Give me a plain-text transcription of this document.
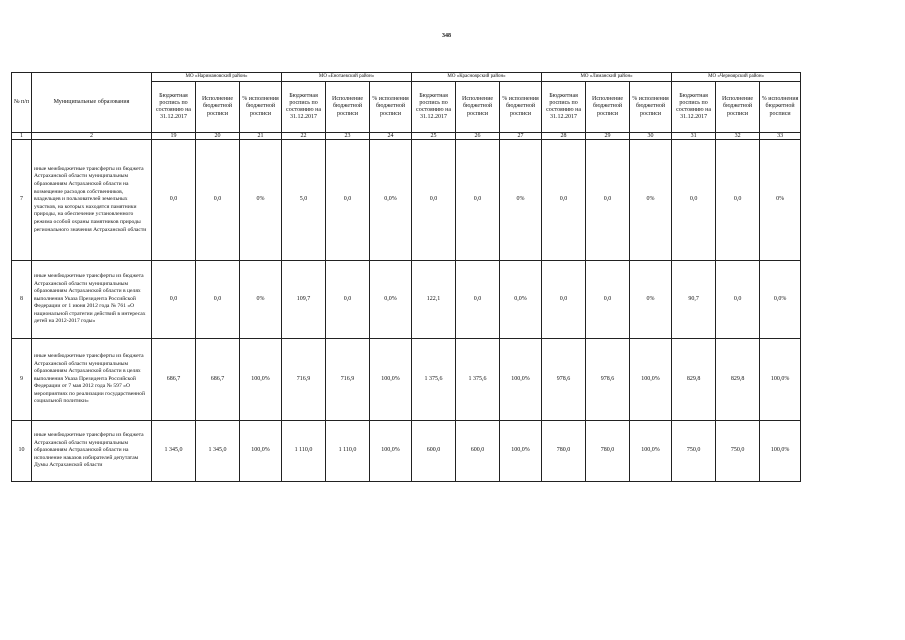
348
№ п/п	Муниципальные образования	МО «Наримановский район»			МО «Енотаевский район»			МО «Красноярский район»			МО «Лиманский район»			МО «Черноярский район»		
		Бюджетная роспись по состоянию на 31.12.2017	Исполнение бюджетной росписи	% исполнения бюджетной росписи	Бюджетная роспись по состоянию на 31.12.2017	Исполнение бюджетной росписи	% исполнения бюджетной росписи	Бюджетная роспись по состоянию на 31.12.2017	Исполнение бюджетной росписи	% исполнения бюджетной росписи	Бюджетная роспись по состоянию на 31.12.2017	Исполнение бюджетной росписи	% исполнения бюджетной росписи	Бюджетная роспись по состоянию на 31.12.2017	Исполнение бюджетной росписи	% исполнения бюджетной росписи
1	2	19	20	21	22	23	24	25	26	27	28	29	30	31	32	33
7	иные межбюджетные трансферты из бюджета Астраханской области муниципальным образованиям Астраханской области на возмещение расходов собственников, владельцев и пользователей земельных участков, на которых находятся памятники природы, на обеспечение установленного режима особой охраны памятников природы регионального значения Астраханской области	0,0	0,0	0%	5,0	0,0	0,0%	0,0	0,0	0%	0,0	0,0	0%	0,0	0,0	0%
8	иные межбюджетные трансферты из бюджета Астраханской области муниципальным образованиям Астраханской области в целях выполнения Указа Президента Российской Федерации от 1 июня 2012 года № 761 «О национальной стратегии действий в интересах детей на 2012-2017 годы»	0,0	0,0	0%	109,7	0,0	0,0%	122,1	0,0	0,0%	0,0	0,0	0%	90,7	0,0	0,0%
9	иные межбюджетные трансферты из бюджета Астраханской области муниципальным образованиям Астраханской области в целях выполнения Указа Президента Российской Федерации от 7 мая 2012 года № 597 «О мероприятиях по реализации государственной социальной политики»	686,7	686,7	100,0%	716,9	716,9	100,0%	1 375,6	1 375,6	100,0%	978,6	978,6	100,0%	829,8	829,8	100,0%
10	иные межбюджетные трансферты из бюджета Астраханской области муниципальным образованиям Астраханской области на исполнение наказов избирателей депутатам Думы Астраханской области	1 345,0	1 345,0	100,0%	1 110,0	1 110,0	100,0%	600,0	600,0	100,0%	780,0	780,0	100,0%	750,0	750,0	100,0%
